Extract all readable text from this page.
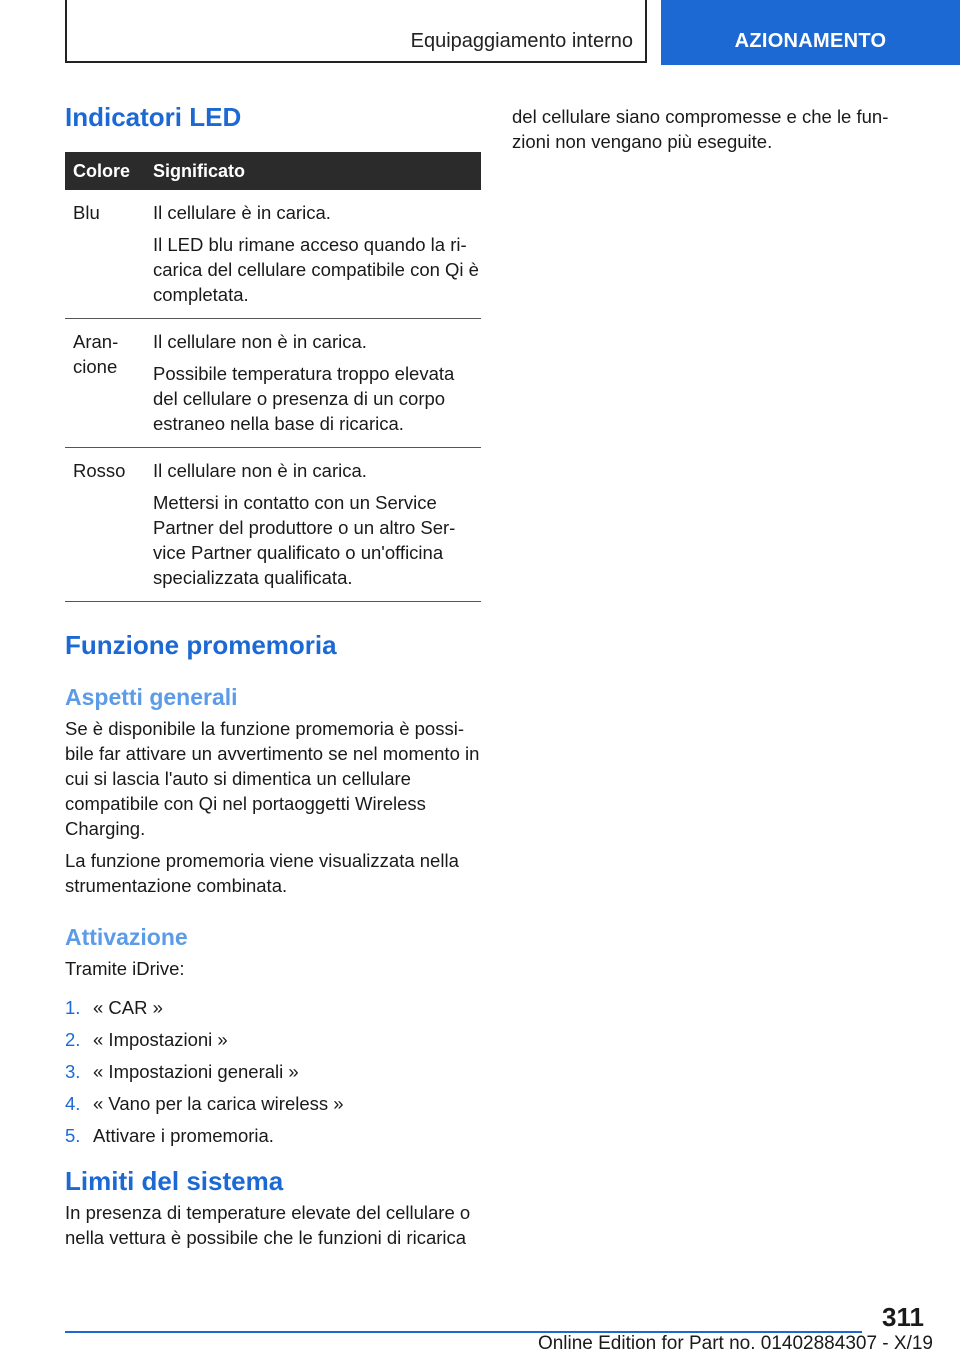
Equipaggiamento interno	AZIONAMENTO
Indicatori LED
Colore	Significato
Blu	Il cellulare è in carica.

Il LED blu rimane acceso quando la ricarica del cellulare compatibile con Qi è completata.

Arancione	Il cellulare non è in carica.

Possibile temperatura troppo elevata del cellulare o presenza di un corpo estraneo nella base di ricarica.

Rosso	Il cellulare non è in carica.

Mettersi in contatto con un Service Partner del produttore o un altro Service Partner qualificato o un'officina specializzata qualificata.

Funzione promemoria
Aspetti generali

Se è disponibile la funzione promemoria è possibile far attivare un avvertimento se nel momento in cui si lascia l'auto si dimentica un cellulare compatibile con Qi nel portaoggetti Wireless Charging.

La funzione promemoria viene visualizzata nella strumentazione combinata.

Attivazione

Tramite iDrive:

1. « CAR »
2. « Impostazioni »
3. « Impostazioni generali »
4. « Vano per la carica wireless »
5. Attivare i promemoria.
Limiti del sistema

In presenza di temperature elevate del cellulare o nella vettura è possibile che le funzioni di ricarica

del cellulare siano compromesse e che le funzioni non vengano più eseguite.

311
Online Edition for Part no. 01402884307 - X/19
